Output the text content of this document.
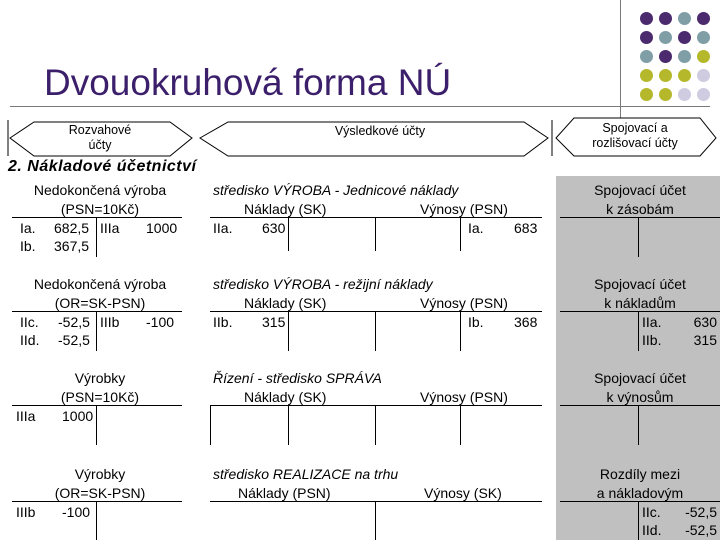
Dvouokruhová forma NÚ
Rozvahové
účty
Výsledkové účty	Spojovací a
rozlišovací účty
2. Nákladové účetnictví
Nedokončená výroba
(PSN=10Kč)
Ia. 682,5 IIIa 1000
Ib. 367,5
středisko VÝROBA - Jednicové náklady
Náklady (SK)	Výnosy (PSN)
IIa. 630	Ia. 683
Spojovací účet
k zásobám
Nedokončená výroba
(OR=SK-PSN)
IIc. -52,5 IIIb -100
IId. -52,5
středisko VÝROBA - režijní náklady
Náklady (SK)	Výnosy (PSN)
IIb. 315	Ib. 368
Spojovací účet
k nákladům
IIa.	630
IIb.	315
Výrobky
(PSN=10Kč)
IIIa	1000
Řízení - středisko SPRÁVA
Náklady (SK)	Výnosy (PSN)
Spojovací účet
k výnosům
Výrobky
(OR=SK-PSN)
IIIb	-100
středisko REALIZACE na trhu
Náklady (PSN)	Výnosy (SK)
Rozdíly mezi
a nákladovým
IIc.	-52,5
IId.	-52,5
